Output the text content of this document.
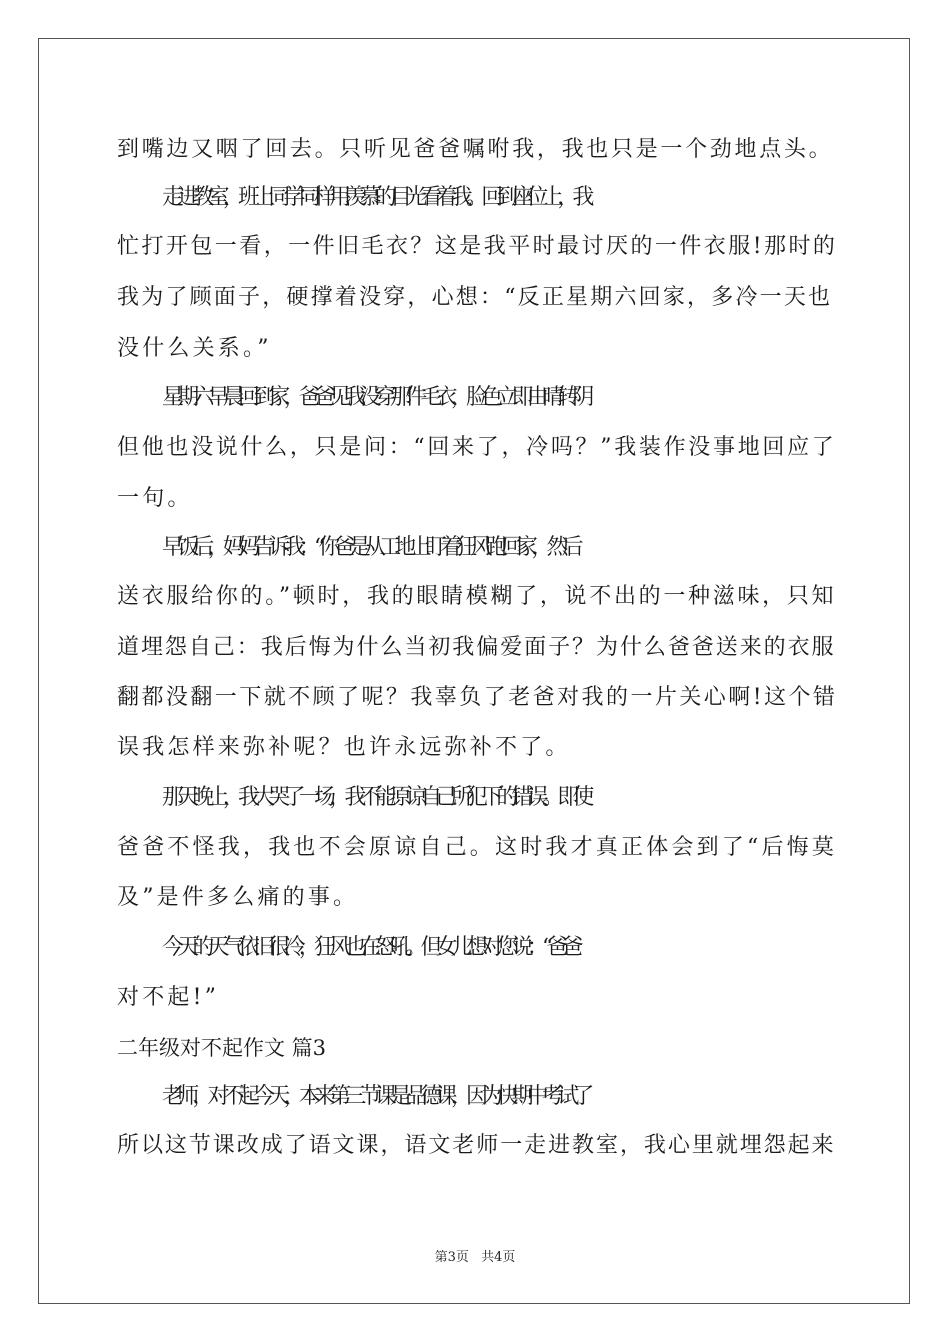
到嘴边又咽了回去。只听见爸爸嘱咐我，我也只是一个劲地点头。

走进教室，班上同学同样用羡慕的目光看着我。回到座位上，我

忙打开包一看，一件旧毛衣？这是我平时最讨厌的一件衣服!那时的

我为了顾面子，硬撑着没穿，心想：“反正星期六回家，多冷一天也

没什么关系。”

星期六早晨回到家，爸爸见我没穿那件毛衣，脸色立即由晴转阴

但他也没说什么，只是问：“回来了，冷吗？”我装作没事地回应了

一句。

早饭后，妈妈告诉我：“你爸是从工地上盯着狂风跑回家，然后

送衣服给你的。”顿时，我的眼睛模糊了，说不出的一种滋味，只知

道埋怨自己：我后悔为什么当初我偏爱面子？为什么爸爸送来的衣服

翻都没翻一下就不顾了呢？我辜负了老爸对我的一片关心啊!这个错

误我怎样来弥补呢？也许永远弥补不了。

那天晚上，我大哭了一场，我不能原谅自己所犯下的错误。即使

爸爸不怪我，我也不会原谅自己。这时我才真正体会到了“后悔莫

及”是件多么痛的事。

今天的天气依旧很冷，狂风也在怒吼。但女儿想对您说：“爸爸

对不起!”

二年级对不起作文 篇3

老师，对不起今天，本来第三节课是品德课，因为快期中考试了

所以这节课改成了语文课，语文老师一走进教室，我心里就埋怨起来

第3页 共4页
